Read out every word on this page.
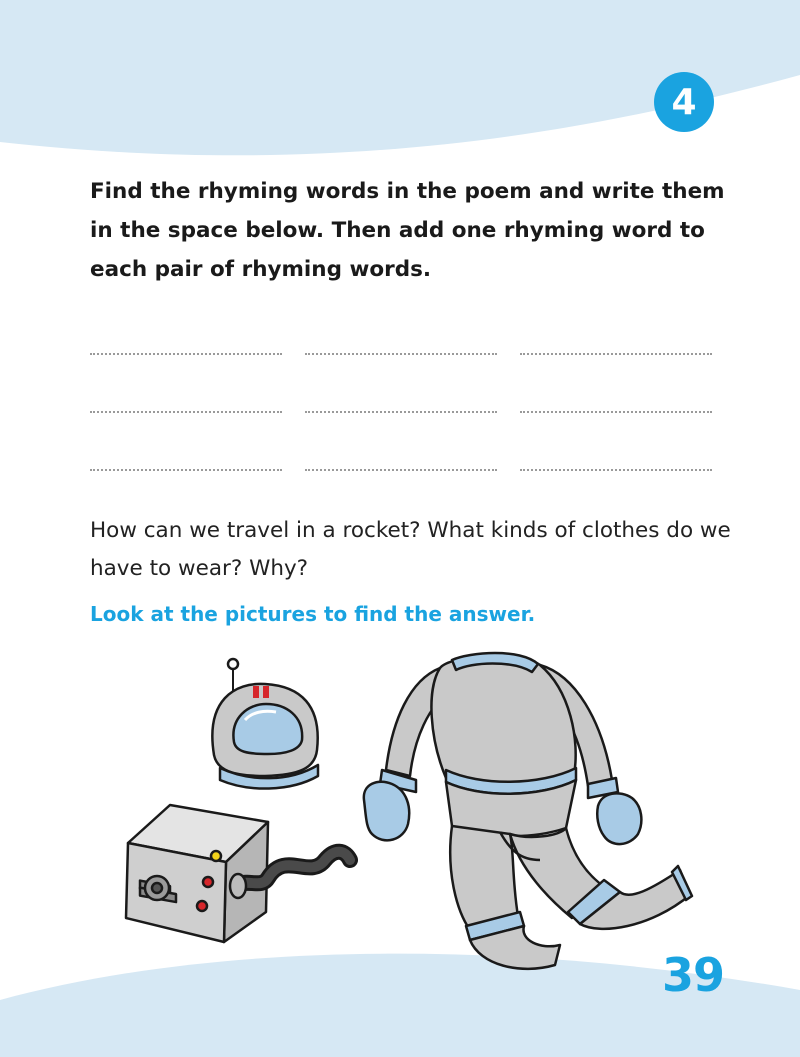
4

Find the rhyming words in the poem and write them in the space below. Then add one rhyming word to each pair of rhyming words.

How can we travel in a rocket? What kinds of clothes do we have to wear? Why?

Look at the pictures to find the answer.

39
